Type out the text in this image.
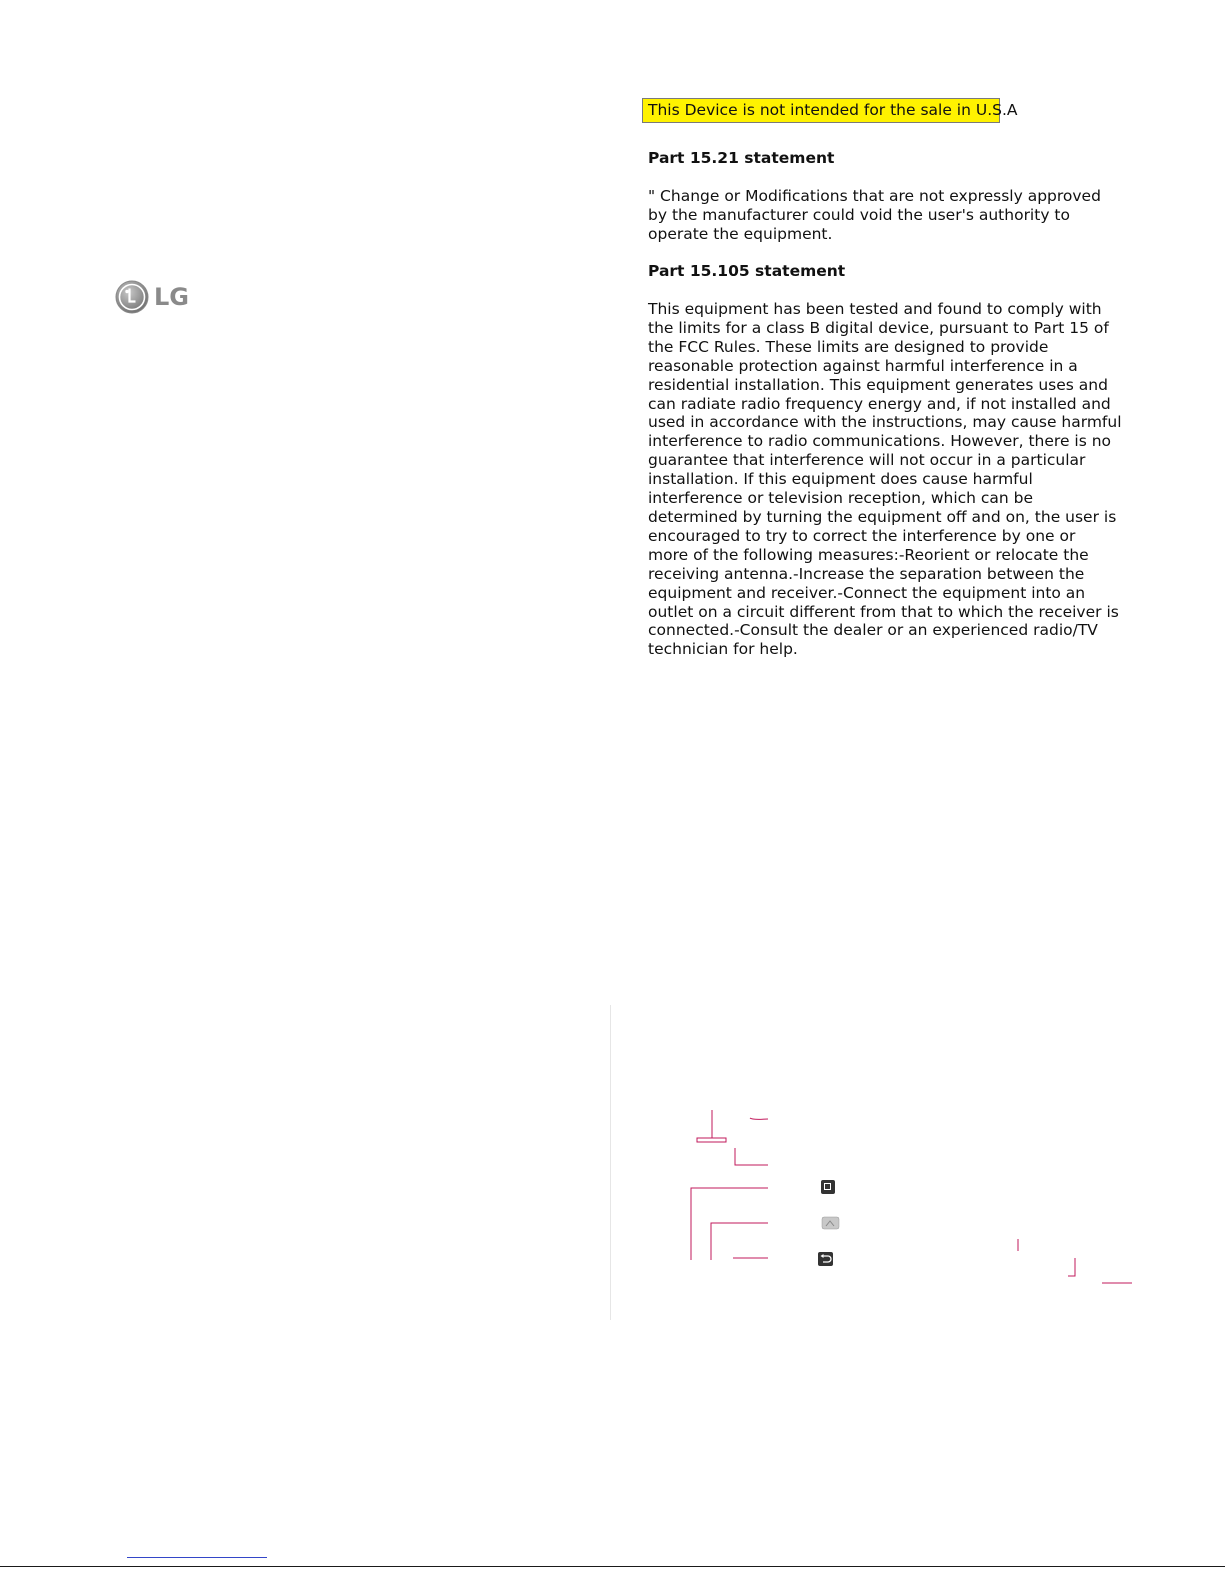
LG
This Device is not intended for the sale in U.S.A
Part 15.21 statement
" Change or Modifications that are not expressly approved
by the manufacturer could void the user's authority to
operate the equipment.
Part 15.105 statement
This equipment has been tested and found to comply with
the limits for a class B digital device, pursuant to Part 15 of
the FCC Rules. These limits are designed to provide
reasonable protection against harmful interference in a
residential installation. This equipment generates uses and
can radiate radio frequency energy and, if not installed and
used in accordance with the instructions, may cause harmful
interference to radio communications. However, there is no
guarantee that interference will not occur in a particular
installation. If this equipment does cause harmful
interference or television reception, which can be
determined by turning the equipment off and on, the user is
encouraged to try to correct the interference by one or
more of the following measures:-Reorient or relocate the
receiving antenna.-Increase the separation between the
equipment and receiver.-Connect the equipment into an
outlet on a circuit different from that to which the receiver is
connected.-Consult the dealer or an experienced radio/TV
technician for help.
